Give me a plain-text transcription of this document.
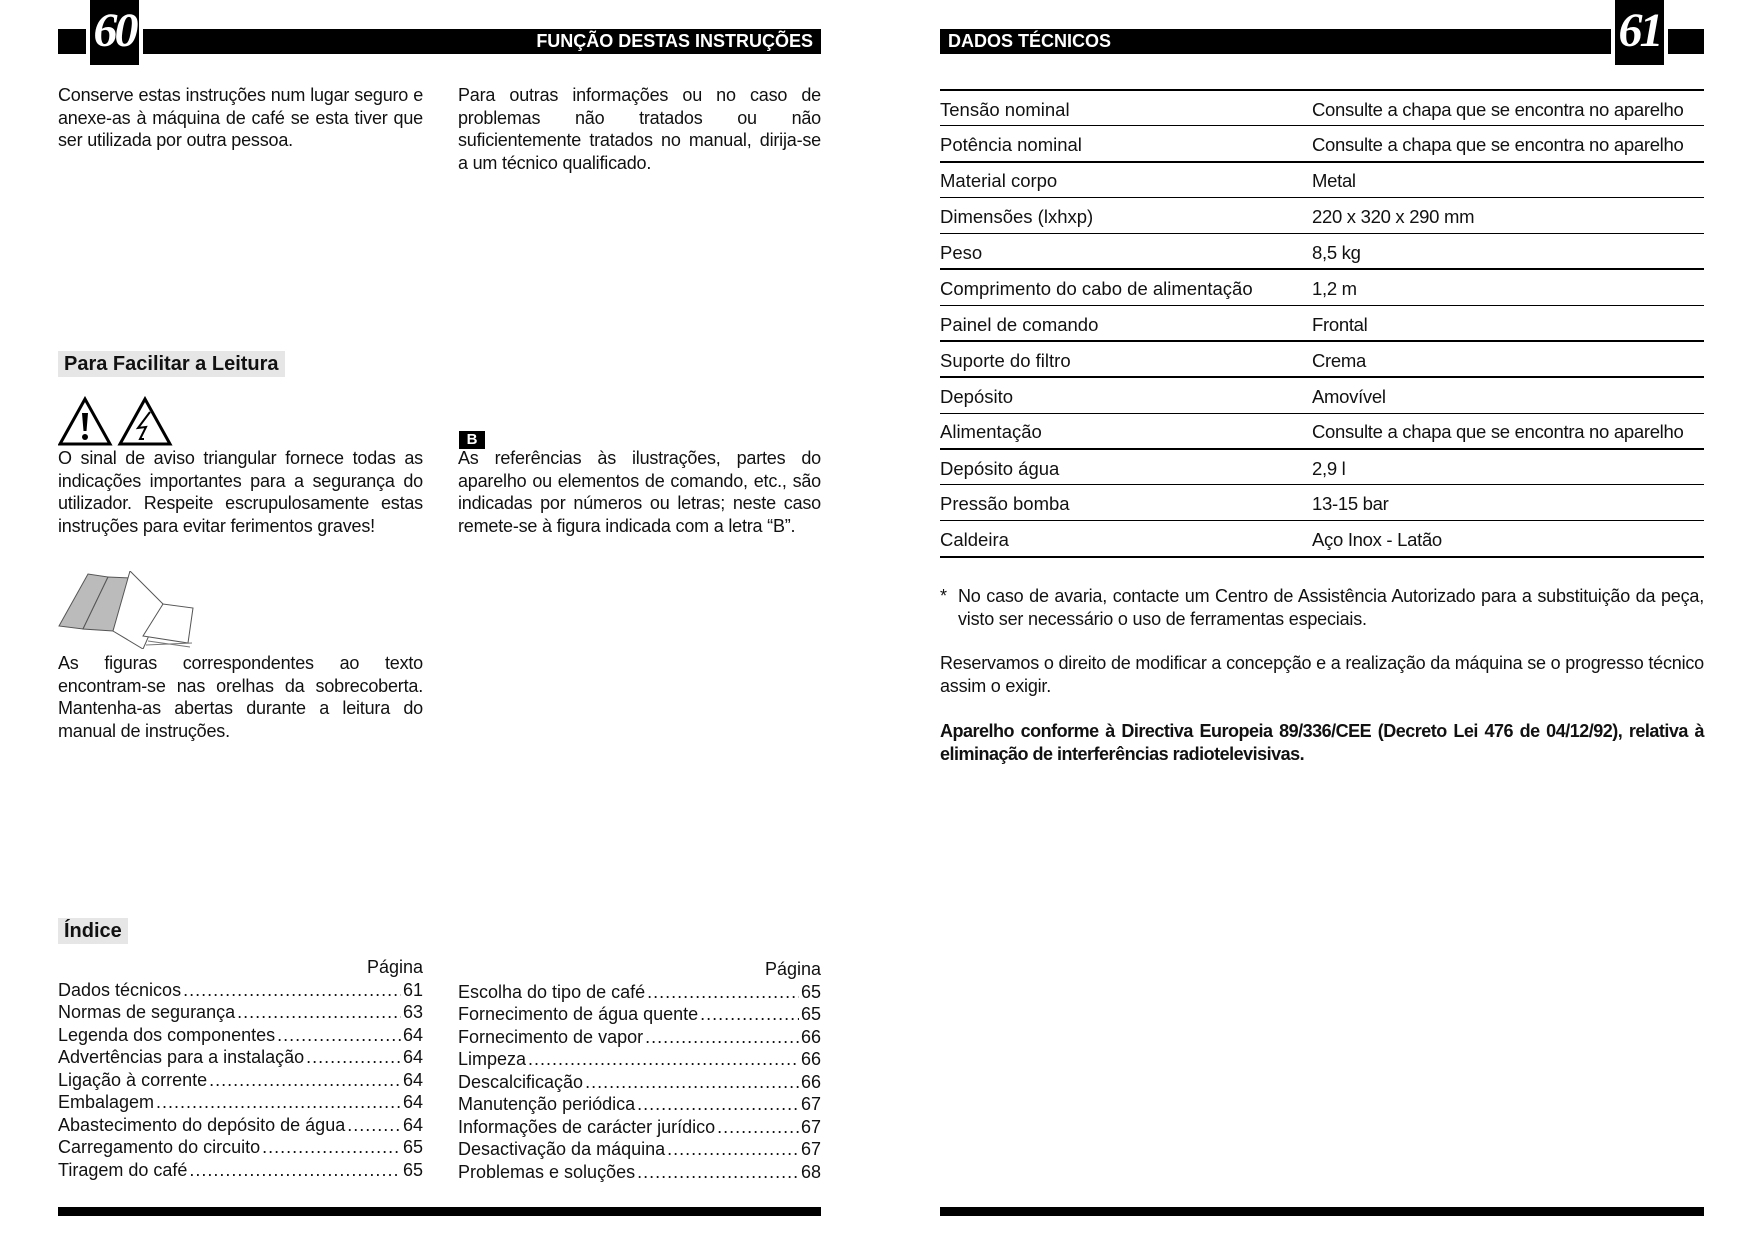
FUNÇÃO DESTAS INSTRUÇÕES
60
Conserve estas instruções num lugar seguro e anexe-as à máquina de café se esta tiver que ser utilizada por outra pessoa.
Para outras informações ou no caso de problemas não tratados ou não suficientemente tratados no manual, dirija-se a um técnico qualificado.
Para Facilitar a Leitura
O sinal de aviso triangular fornece todas as indicações importantes para a segurança do utilizador. Respeite escrupulosamente estas instruções para evitar ferimentos graves!
As figuras correspondentes ao texto encontram-se nas orelhas da sobrecoberta. Mantenha-as abertas durante a leitura do manual de instruções.
B
As referências às ilustrações, partes do aparelho ou elementos de comando, etc., são indicadas por números ou letras; neste caso remete-se à figura indicada com a letra “B”.
Índice
Página
Dados técnicos .....	61
Normas de segurança .....	63
Legenda dos componentes .....	64
Advertências para a instalação .....	64
Ligação à corrente .....	64
Embalagem .....	64
Abastecimento do depósito de água .....	64
Carregamento do circuito .....	65
Tiragem do café .....	65
Página
Escolha do tipo de café .....	65
Fornecimento de água quente .....	65
Fornecimento de vapor .....	66
Limpeza .....	66
Descalcificação .....	66
Manutenção periódica .....	67
Informações de carácter jurídico .....	67
Desactivação da máquina .....	67
Problemas e soluções .....	68
DADOS TÉCNICOS	61
Tensão nominal	Consulte a chapa que se encontra no aparelho
Potência nominal	Consulte a chapa que se encontra no aparelho
Material corpo	Metal
Dimensões (lxhxp)	220 x 320 x 290 mm
Peso	8,5 kg
Comprimento do cabo de alimentação	1,2 m
Painel de comando	Frontal
Suporte do filtro	Crema
Depósito	Amovível
Alimentação	Consulte a chapa que se encontra no aparelho
Depósito água	2,9 l
Pressão bomba	13-15 bar
Caldeira	Aço Inox - Latão
* No caso de avaria, contacte um Centro de Assistência Autorizado para a substituição da peça, visto ser necessário o uso de ferramentas especiais.
Reservamos o direito de modificar a concepção e a realização da máquina se o progresso técnico assim o exigir.
Aparelho conforme à Directiva Europeia 89/336/CEE (Decreto Lei 476 de 04/12/92), relativa à eliminação de interferências radiotelevisivas.
